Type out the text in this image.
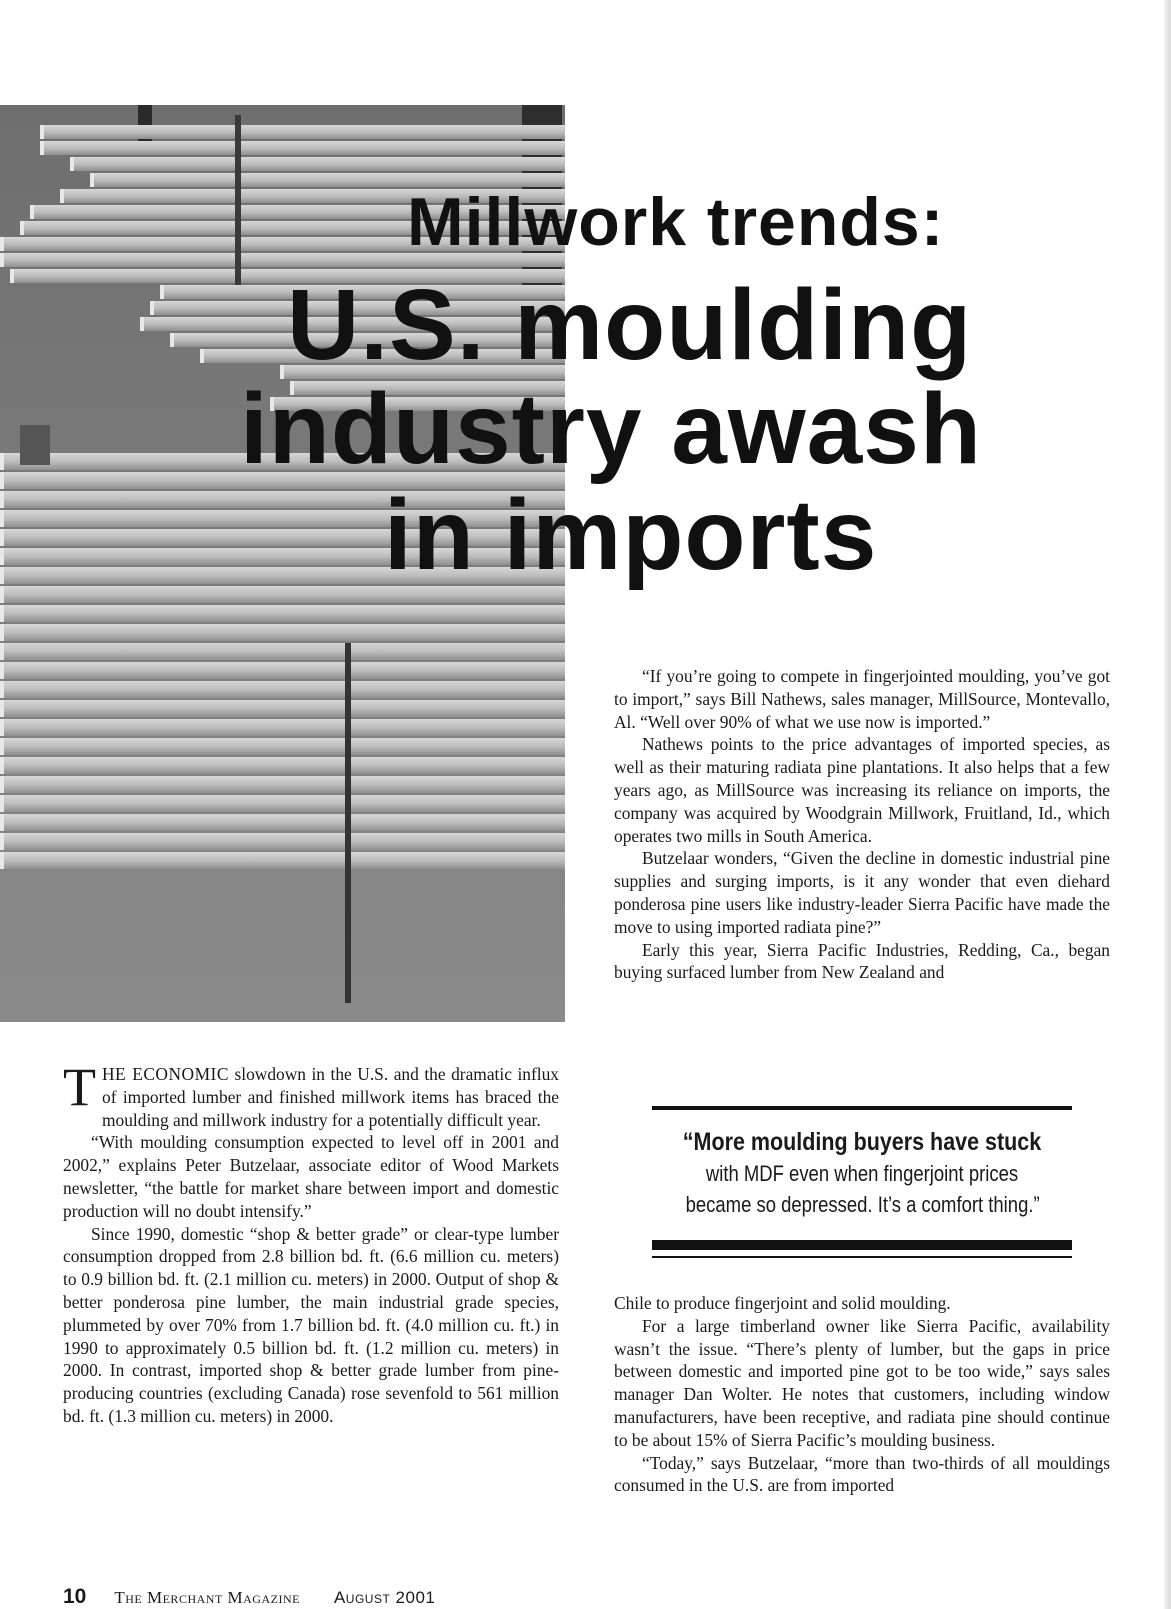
Millwork trends:
U.S. moulding
industry awash
in imports

THE ECONOMIC slowdown in the U.S. and the dramatic influx of imported lumber and finished millwork items has braced the moulding and millwork industry for a potentially difficult year.

“With moulding consumption expected to level off in 2001 and 2002,” explains Peter Butzelaar, associate editor of Wood Markets newsletter, “the battle for market share between import and domestic production will no doubt intensify.”

Since 1990, domestic “shop & better grade” or clear-type lumber consumption dropped from 2.8 billion bd. ft. (6.6 million cu. meters) to 0.9 billion bd. ft. (2.1 million cu. meters) in 2000. Output of shop & better ponderosa pine lumber, the main industrial grade species, plummeted by over 70% from 1.7 billion bd. ft. (4.0 million cu. ft.) in 1990 to approximately 0.5 billion bd. ft. (1.2 million cu. meters) in 2000. In contrast, imported shop & better grade lumber from pine-producing countries (excluding Canada) rose sevenfold to 561 million bd. ft. (1.3 million cu. meters) in 2000.

“If you’re going to compete in fingerjointed moulding, you’ve got to import,” says Bill Nathews, sales manager, MillSource, Montevallo, Al. “Well over 90% of what we use now is imported.”

Nathews points to the price advantages of imported species, as well as their maturing radiata pine plantations. It also helps that a few years ago, as MillSource was increasing its reliance on imports, the company was acquired by Woodgrain Millwork, Fruitland, Id., which operates two mills in South America.

Butzelaar wonders, “Given the decline in domestic industrial pine supplies and surging imports, is it any wonder that even diehard ponderosa pine users like industry-leader Sierra Pacific have made the move to using imported radiata pine?”

Early this year, Sierra Pacific Industries, Redding, Ca., began buying surfaced lumber from New Zealand and

“More moulding buyers have stuck
with MDF even when fingerjoint prices
became so depressed. It’s a comfort thing.”

Chile to produce fingerjoint and solid moulding.

For a large timberland owner like Sierra Pacific, availability wasn’t the issue. “There’s plenty of lumber, but the gaps in price between domestic and imported pine got to be too wide,” says sales manager Dan Wolter. He notes that customers, including window manufacturers, have been receptive, and radiata pine should continue to be about 15% of Sierra Pacific’s moulding business.

“Today,” says Butzelaar, “more than two-thirds of all mouldings consumed in the U.S. are from imported

10 The Merchant Magazine August 2001
